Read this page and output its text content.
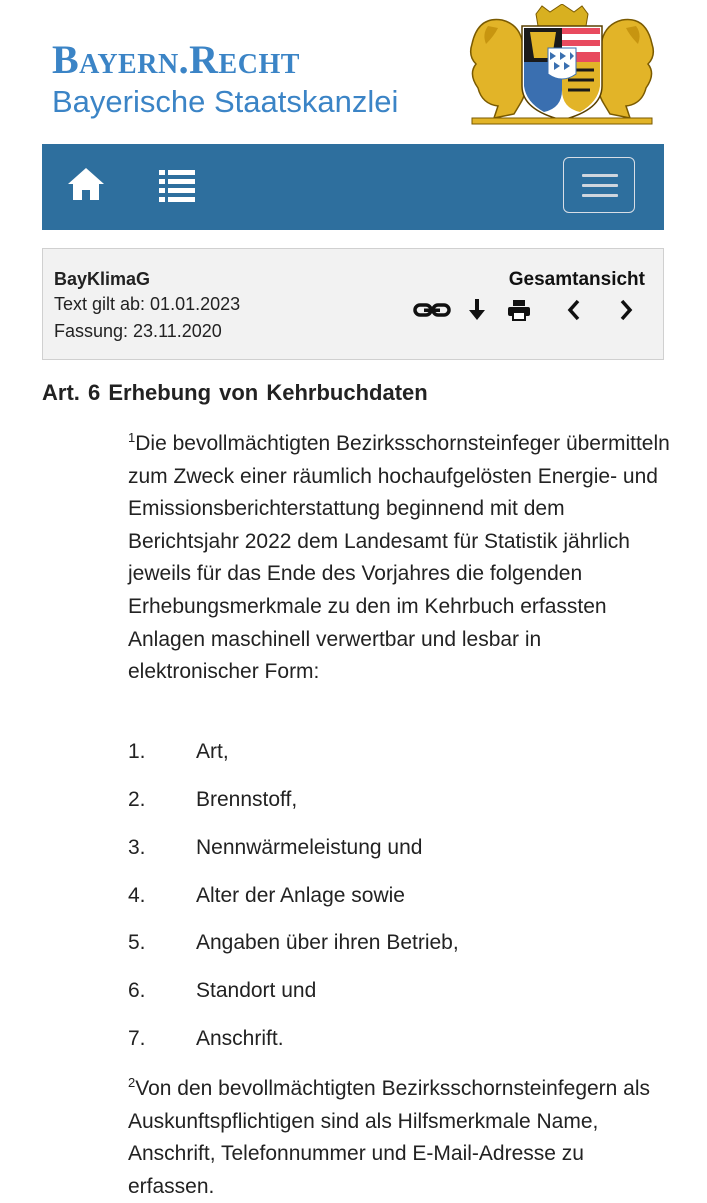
Bayern.Recht
Bayerische Staatskanzlei
BayKlimaG
Text gilt ab: 01.01.2023
Fassung: 23.11.2020
Gesamtansicht
Art. 6 Erhebung von Kehrbuchdaten
$^1$Die bevollmächtigten Bezirksschornsteinfeger übermitteln zum Zweck einer räumlich hochaufgelösten Energie- und Emissionsberichterstattung beginnend mit dem Berichtsjahr 2022 dem Landesamt für Statistik jährlich jeweils für das Ende des Vorjahres die folgenden Erhebungsmerkmale zu den im Kehrbuch erfassten Anlagen maschinell verwertbar und lesbar in elektronischer Form:
1. Art,
2. Brennstoff,
3. Nennwärmeleistung und
4. Alter der Anlage sowie
5. Angaben über ihren Betrieb,
6. Standort und
7. Anschrift.
$^2$Von den bevollmächtigten Bezirksschornsteinfegern als Auskunftspflichtigen sind als Hilfsmerkmale Name, Anschrift, Telefonnummer und E-Mail-Adresse zu erfassen.
